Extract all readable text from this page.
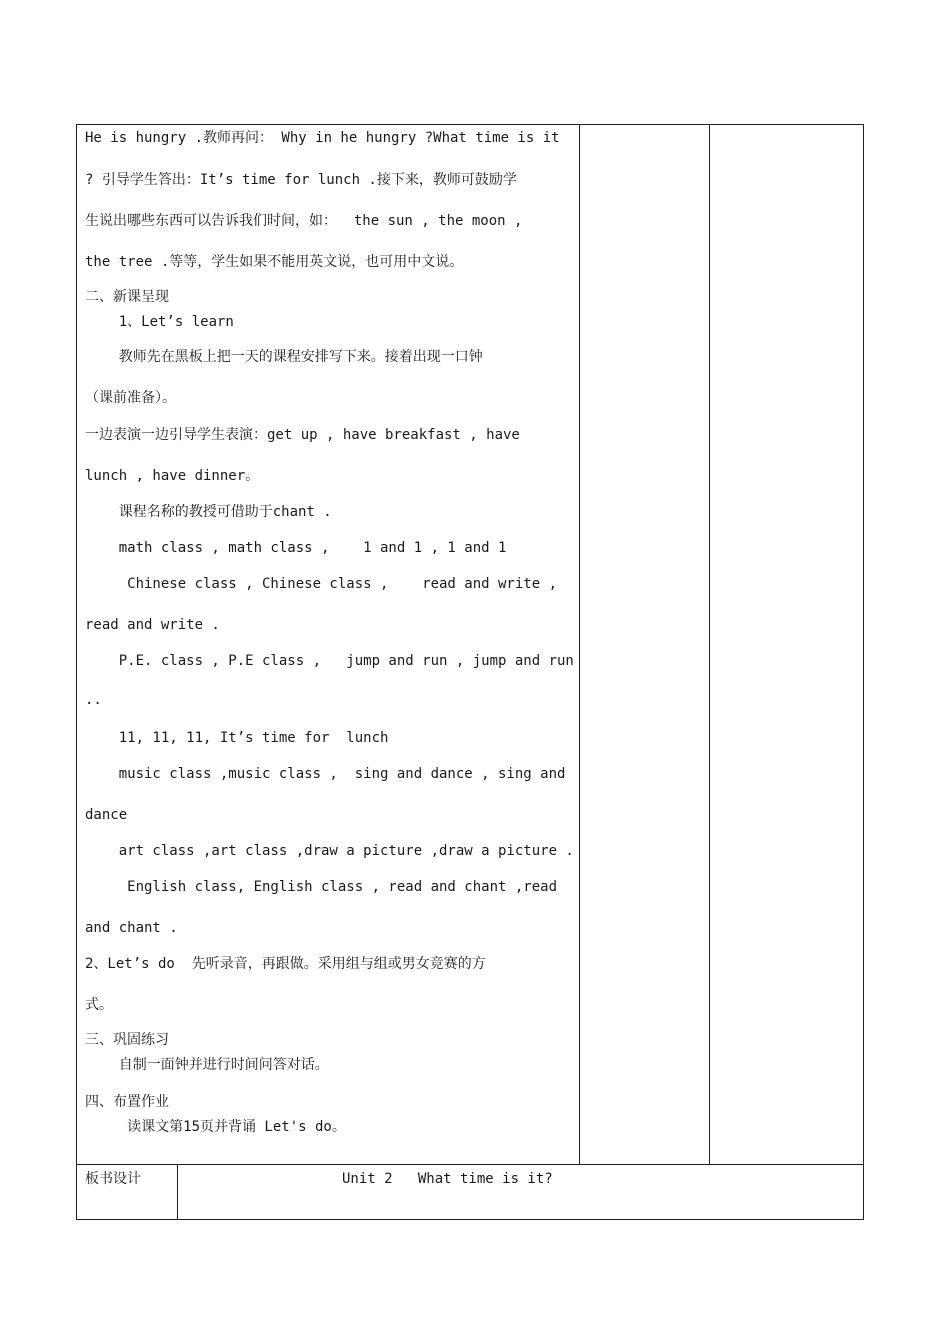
He is hungry .教师再问： Why in he hungry ?What time is it
? 引导学生答出：It’s time for lunch .接下来，教师可鼓励学
生说出哪些东西可以告诉我们时间，如：  the sun , the moon ,
the tree .等等，学生如果不能用英文说，也可用中文说。
二、新课呈现
1、Let’s learn
教师先在黑板上把一天的课程安排写下来。接着出现一口钟
（课前准备）。
一边表演一边引导学生表演：get up , have breakfast , have
lunch , have dinner。
课程名称的教授可借助于chant .
math class , math class ,    1 and 1 , 1 and 1
Chinese class , Chinese class ,    read and write ,
read and write .
P.E. class , P.E class ,   jump and run , jump and run
..
11, 11, 11, It’s time for  lunch
music class ,music class ,  sing and dance , sing and
dance
art class ,art class ,draw a picture ,draw a picture .
English class, English class , read and chant ,read
and chant .
2、Let’s do  先听录音，再跟做。采用组与组或男女竞赛的方
式。
三、巩固练习
自制一面钟并进行时间问答对话。
四、布置作业
读课文第15页并背诵 Let's do。
板书设计	Unit 2   What time is it?
